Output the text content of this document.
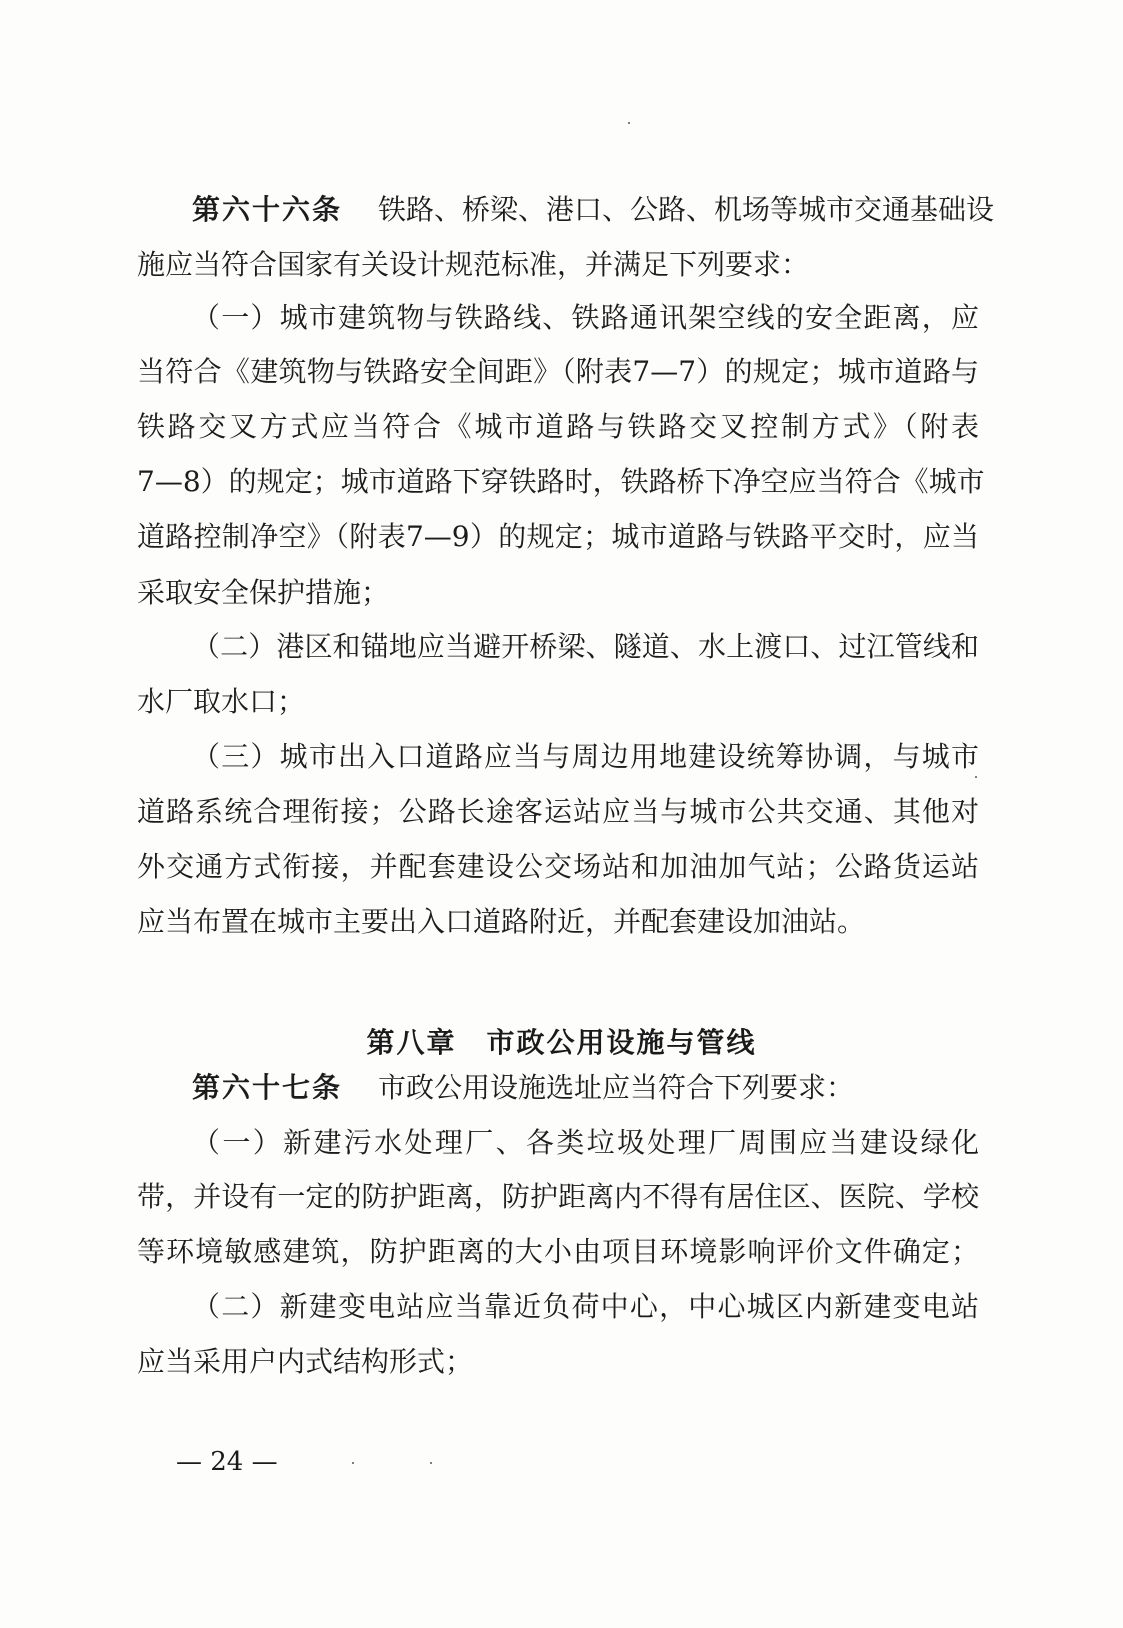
第六十六条 铁路、桥梁、港口、公路、机场等城市交通基础设
施应当符合国家有关设计规范标准，并满足下列要求：
（一）城市建筑物与铁路线、铁路通讯架空线的安全距离，应
当符合《建筑物与铁路安全间距》（附表7—7）的规定；城市道路与
铁路交叉方式应当符合《城市道路与铁路交叉控制方式》（附表
7—8）的规定；城市道路下穿铁路时，铁路桥下净空应当符合《城市
道路控制净空》（附表7—9）的规定；城市道路与铁路平交时，应当
采取安全保护措施；
（二）港区和锚地应当避开桥梁、隧道、水上渡口、过江管线和
水厂取水口；
（三）城市出入口道路应当与周边用地建设统筹协调，与城市
道路系统合理衔接；公路长途客运站应当与城市公共交通、其他对
外交通方式衔接，并配套建设公交场站和加油加气站；公路货运站
应当布置在城市主要出入口道路附近，并配套建设加油站。
第八章 市政公用设施与管线
第六十七条 市政公用设施选址应当符合下列要求：
（一）新建污水处理厂、各类垃圾处理厂周围应当建设绿化
带，并设有一定的防护距离，防护距离内不得有居住区、医院、学校
等环境敏感建筑，防护距离的大小由项目环境影响评价文件确定；
（二）新建变电站应当靠近负荷中心，中心城区内新建变电站
应当采用户内式结构形式；
— 24 —
